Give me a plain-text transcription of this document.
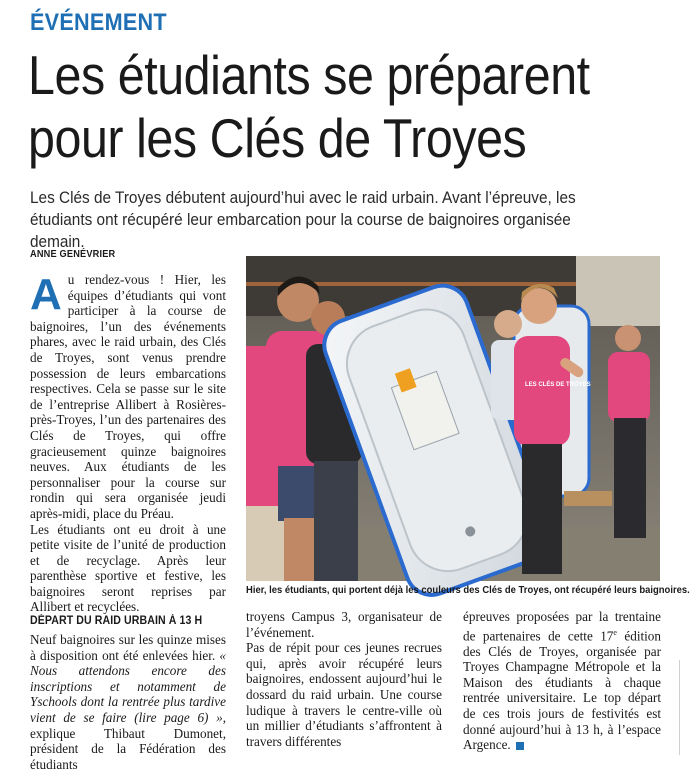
ÉVÉNEMENT
Les étudiants se préparent
pour les Clés de Troyes

Les Clés de Troyes débutent aujourd’hui avec le raid urbain. Avant l’épreuve, les étudiants ont récupéré leur embarcation pour la course de baignoires organisée demain.

ANNE GENÉVRIER
A u rendez-vous ! Hier, les équipes d’étudiants qui vont participer à la course de baignoires, l’un des événements phares, avec le raid urbain, des Clés de Troyes, sont venus prendre possession de leurs embarcations respectives. Cela se passe sur le site de l’entreprise Allibert à Rosières-près-Troyes, l’un des partenaires des Clés de Troyes, qui offre gracieusement quinze baignoires neuves. Aux étudiants de les personnaliser pour la course sur rondin qui sera organisée jeudi après-midi, place du Préau.

Les étudiants ont eu droit à une petite visite de l’unité de production et de recyclage. Après leur parenthèse sportive et festive, les baignoires seront reprises par Allibert et recyclées.

DÉPART DU RAID URBAIN À 13 H

Neuf baignoires sur les quinze mises à disposition ont été enlevées hier. « Nous attendons encore des inscriptions et notamment de Yschools dont la rentrée plus tardive vient de se faire (lire page 6) », explique Thibaut Dumonet, président de la Fédération des étudiants

troyens Campus 3, organisateur de l’événement.

Pas de répit pour ces jeunes recrues qui, après avoir récupéré leurs baignoires, endossent aujourd’hui le dossard du raid urbain. Une course ludique à travers le centre-ville où un millier d’étudiants s’affrontent à travers différentes

épreuves proposées par la trentaine de partenaires de cette 17e édition des Clés de Troyes, organisée par Troyes Champagne Métropole et la Maison des étudiants à chaque rentrée universitaire. Le top départ de ces trois jours de festivités est donné aujourd’hui à 13 h, à l’espace Argence.

LES CLÉS DE TROYES
Hier, les étudiants, qui portent déjà les couleurs des Clés de Troyes, ont récupéré leurs baignoires.
